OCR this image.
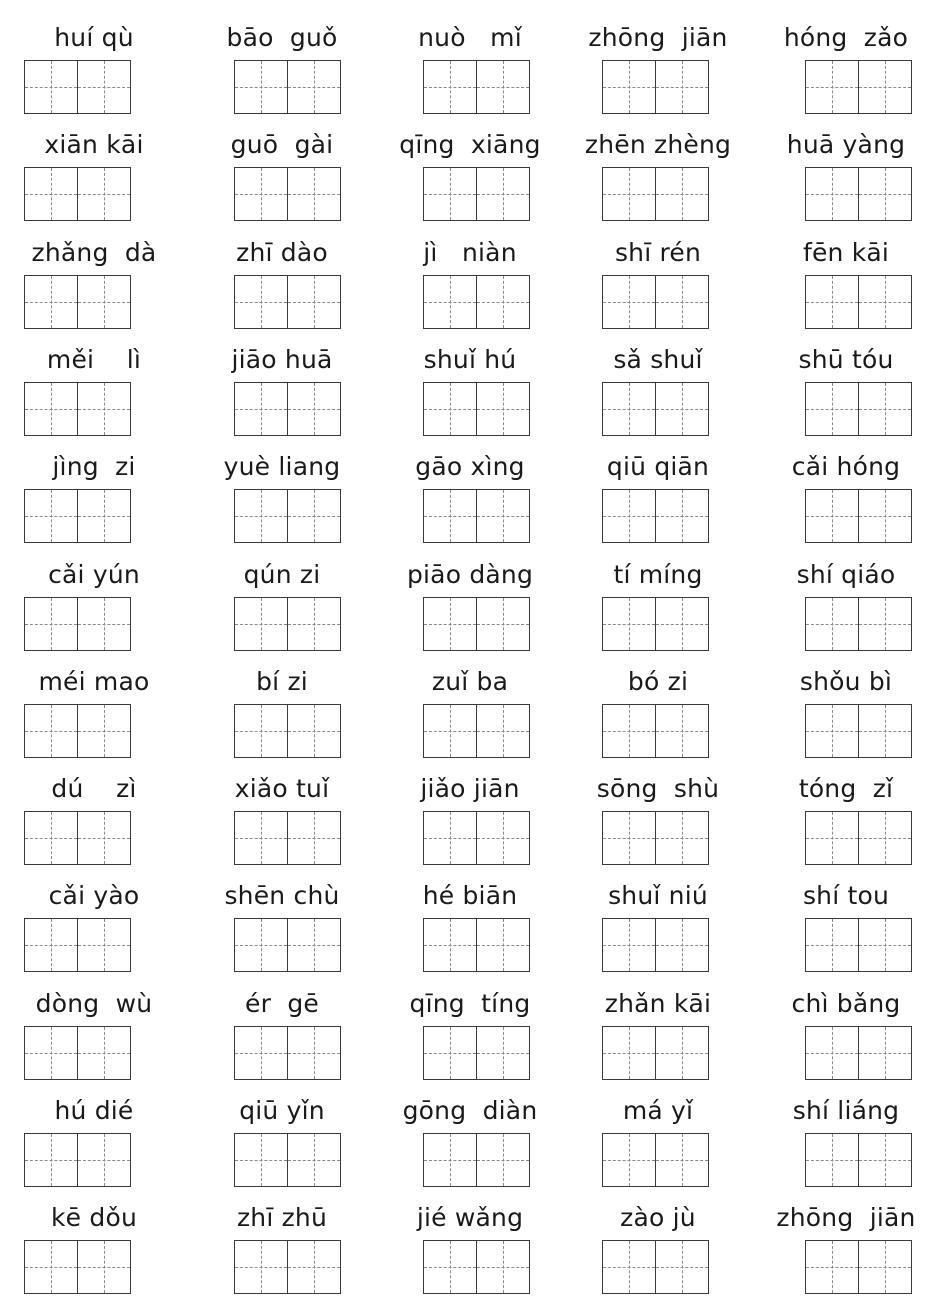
huí qù	bāo  guǒ	nuò   mǐ	zhōng  jiān	hóng  zǎo
xiān kāi	guō  gài	qīng  xiāng	zhēn zhèng	huā yàng
zhǎng  dà	zhī dào	jì   niàn	shī rén	fēn kāi
měi    lì	jiāo huā	shuǐ hú	sǎ shuǐ	shū tóu
jìng  zi	yuè liang	gāo xìng	qiū qiān	cǎi hóng
cǎi yún	qún zi	piāo dàng	tí míng	shí qiáo
méi mao	bí zi	zuǐ ba	bó zi	shǒu bì
dú    zì	xiǎo tuǐ	jiǎo jiān	sōng  shù	tóng  zǐ
cǎi yào	shēn chù	hé biān	shuǐ niú	shí tou
dòng  wù	ér  gē	qīng  tíng	zhǎn kāi	chì bǎng
hú dié	qiū yǐn	gōng  diàn	má yǐ	shí liáng
kē dǒu	zhī zhū	jié wǎng	zào jù	zhōng  jiān
